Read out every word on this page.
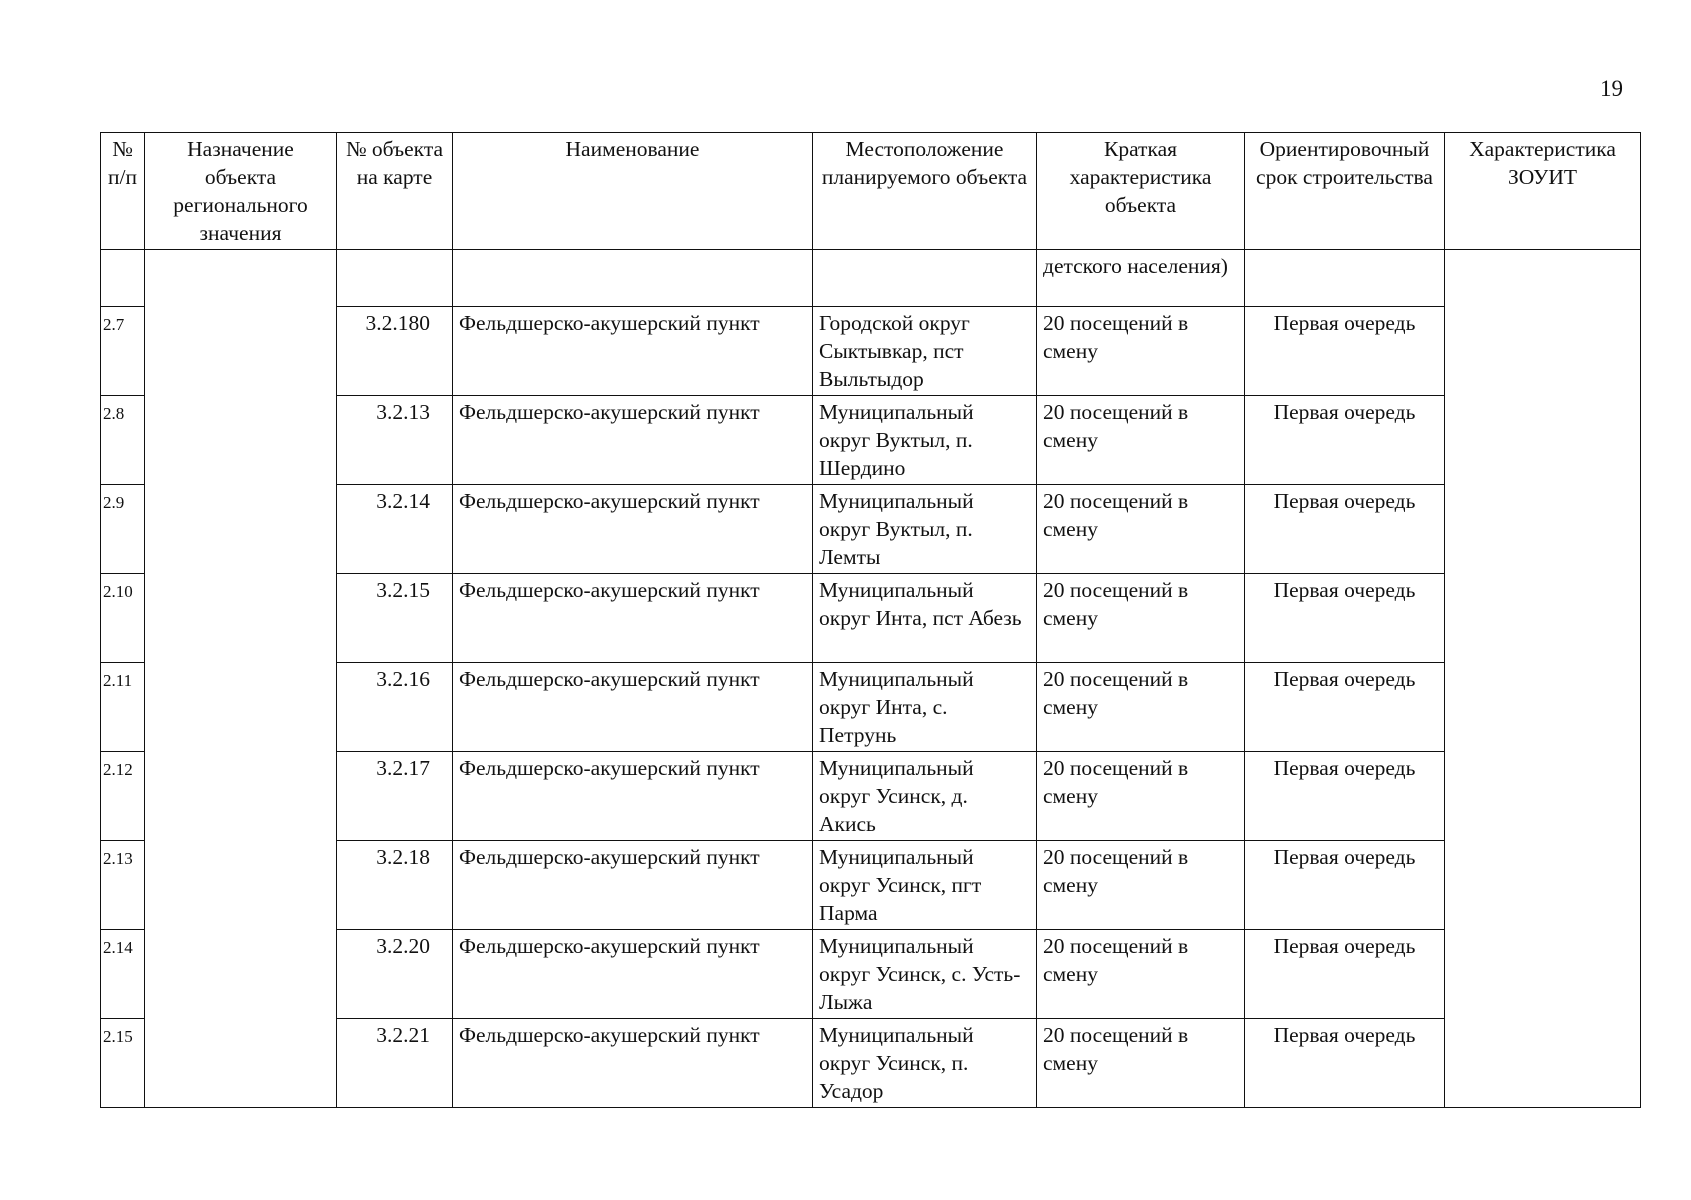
19
№ п/п	Назначение объекта регионального значения	№ объекта на карте	Наименование	Местоположение планируемого объекта	Краткая характеристика объекта	Ориентировочный срок строительства	Характеристика ЗОУИТ
					детского населения)		
2.7		3.2.180	Фельдшерско-акушерский пункт	Городской округ Сыктывкар, пст Выльтыдор	20 посещений в смену	Первая очередь	
2.8		3.2.13	Фельдшерско-акушерский пункт	Муниципальный округ Вуктыл, п. Шердино	20 посещений в смену	Первая очередь	
2.9		3.2.14	Фельдшерско-акушерский пункт	Муниципальный округ Вуктыл, п. Лемты	20 посещений в смену	Первая очередь	
2.10		3.2.15	Фельдшерско-акушерский пункт	Муниципальный округ Инта, пст Абезь	20 посещений в смену	Первая очередь	
2.11		3.2.16	Фельдшерско-акушерский пункт	Муниципальный округ Инта, с. Петрунь	20 посещений в смену	Первая очередь	
2.12		3.2.17	Фельдшерско-акушерский пункт	Муниципальный округ Усинск, д. Акись	20 посещений в смену	Первая очередь	
2.13		3.2.18	Фельдшерско-акушерский пункт	Муниципальный округ Усинск, пгт Парма	20 посещений в смену	Первая очередь	
2.14		3.2.20	Фельдшерско-акушерский пункт	Муниципальный округ Усинск, с. Усть-Лыжа	20 посещений в смену	Первая очередь	
2.15		3.2.21	Фельдшерско-акушерский пункт	Муниципальный округ Усинск, п. Усадор	20 посещений в смену	Первая очередь	
